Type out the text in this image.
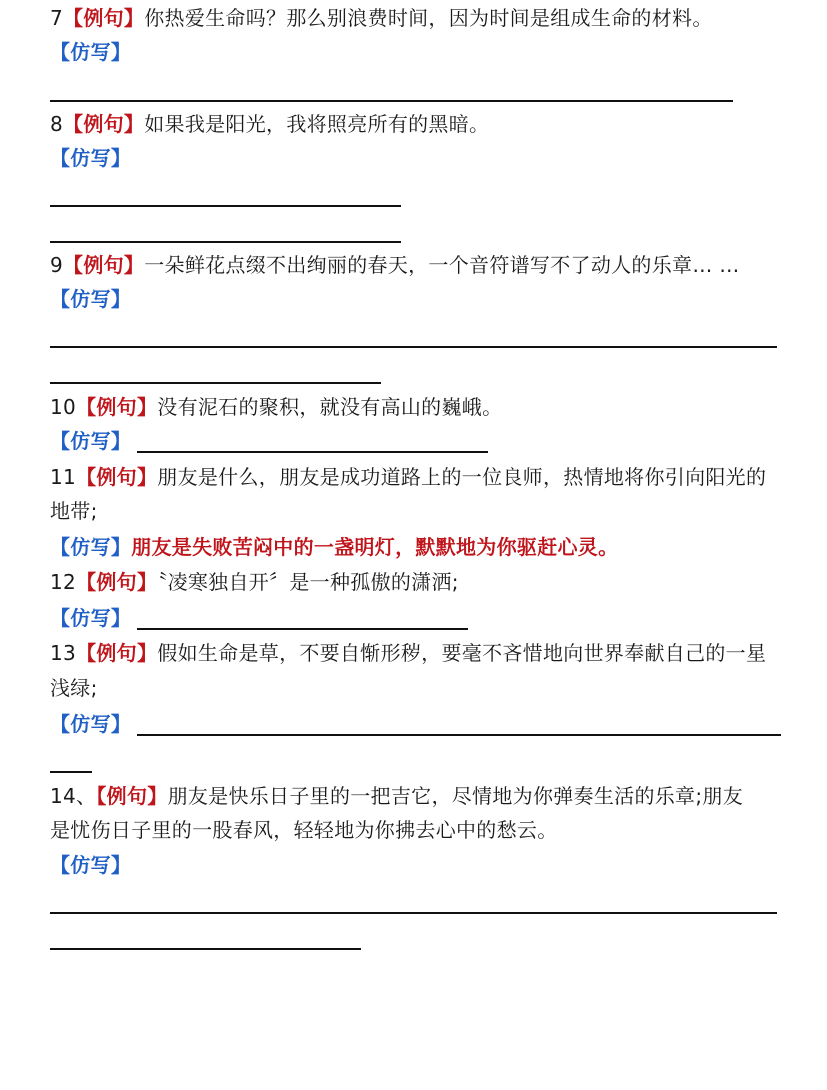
7【例句】你热爱生命吗？那么别浪费时间，因为时间是组成生命的材料。
【仿写】
8【例句】如果我是阳光，我将照亮所有的黑暗。
【仿写】
9【例句】一朵鲜花点缀不出绚丽的春天，一个音符谱写不了动人的乐章… …
【仿写】
10【例句】没有泥石的聚积，就没有高山的巍峨。
【仿写】
11【例句】朋友是什么，朋友是成功道路上的一位良师，热情地将你引向阳光的
地带;
【仿写】朋友是失败苦闷中的一盏明灯，默默地为你驱赶心灵。
12【例句】〝凌寒独自开〞是一种孤傲的潇洒;
【仿写】
13【例句】假如生命是草，不要自惭形秽，要毫不吝惜地向世界奉献自己的一星
浅绿;
【仿写】
14、【例句】朋友是快乐日子里的一把吉它，尽情地为你弹奏生活的乐章;朋友
是忧伤日子里的一股春风，轻轻地为你拂去心中的愁云。
【仿写】
